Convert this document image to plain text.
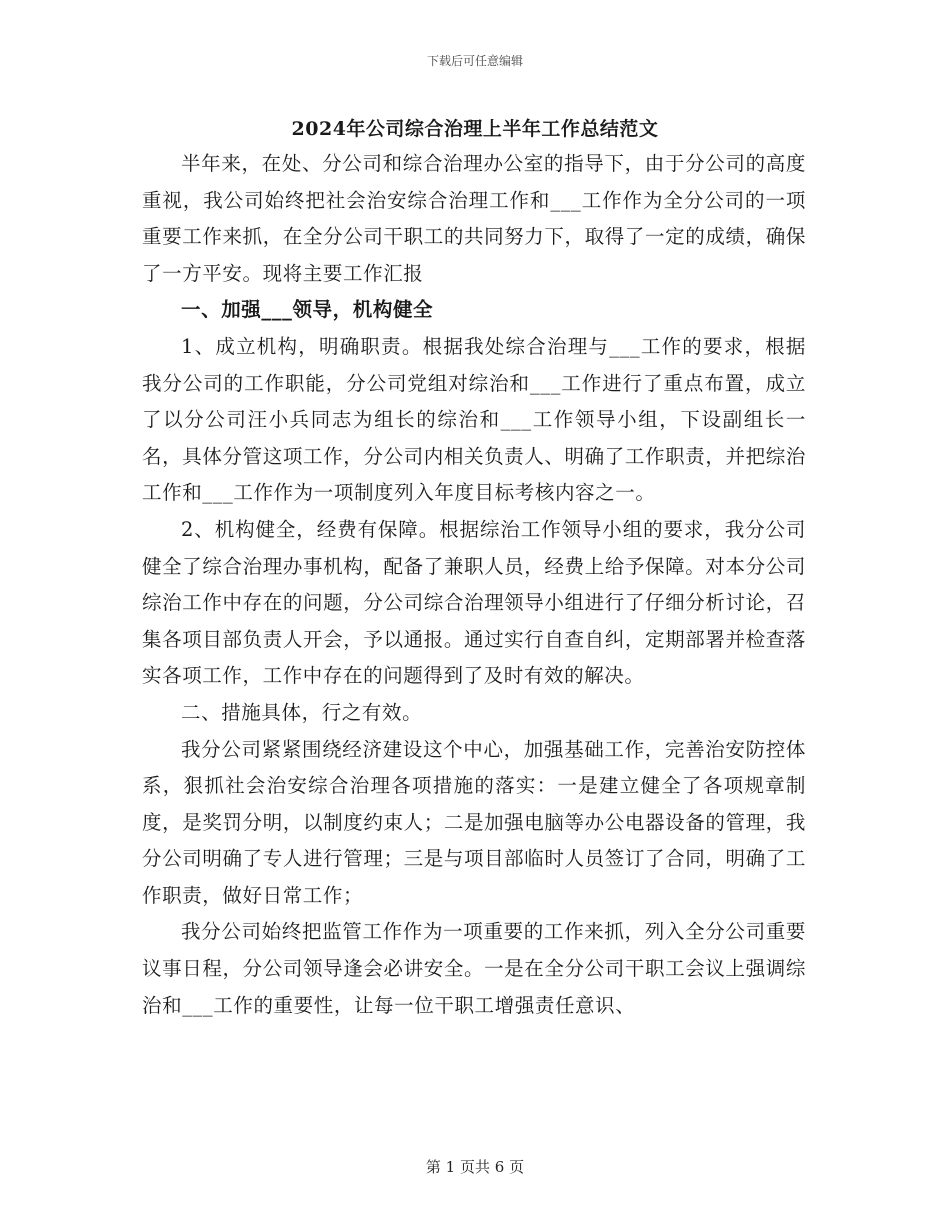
下载后可任意编辑
2024年公司综合治理上半年工作总结范文

半年来，在处、分公司和综合治理办公室的指导下，由于分公司的高度重视，我公司始终把社会治安综合治理工作和___工作作为全分公司的一项重要工作来抓，在全分公司干职工的共同努力下，取得了一定的成绩，确保了一方平安。现将主要工作汇报

一、加强___领导，机构健全

1、成立机构，明确职责。根据我处综合治理与___工作的要求，根据我分公司的工作职能，分公司党组对综治和___工作进行了重点布置，成立了以分公司汪小兵同志为组长的综治和___工作领导小组，下设副组长一名，具体分管这项工作，分公司内相关负责人、明确了工作职责，并把综治工作和___工作作为一项制度列入年度目标考核内容之一。

2、机构健全，经费有保障。根据综治工作领导小组的要求，我分公司健全了综合治理办事机构，配备了兼职人员，经费上给予保障。对本分公司综治工作中存在的问题，分公司综合治理领导小组进行了仔细分析讨论，召集各项目部负责人开会，予以通报。通过实行自查自纠，定期部署并检查落实各项工作，工作中存在的问题得到了及时有效的解决。

二、措施具体，行之有效。

我分公司紧紧围绕经济建设这个中心，加强基础工作，完善治安防控体系，狠抓社会治安综合治理各项措施的落实：一是建立健全了各项规章制度，是奖罚分明，以制度约束人；二是加强电脑等办公电器设备的管理，我分公司明确了专人进行管理；三是与项目部临时人员签订了合同，明确了工作职责，做好日常工作；

我分公司始终把监管工作作为一项重要的工作来抓，列入全分公司重要议事日程，分公司领导逢会必讲安全。一是在全分公司干职工会议上强调综治和___工作的重要性，让每一位干职工增强责任意识、

第 1 页共 6 页
